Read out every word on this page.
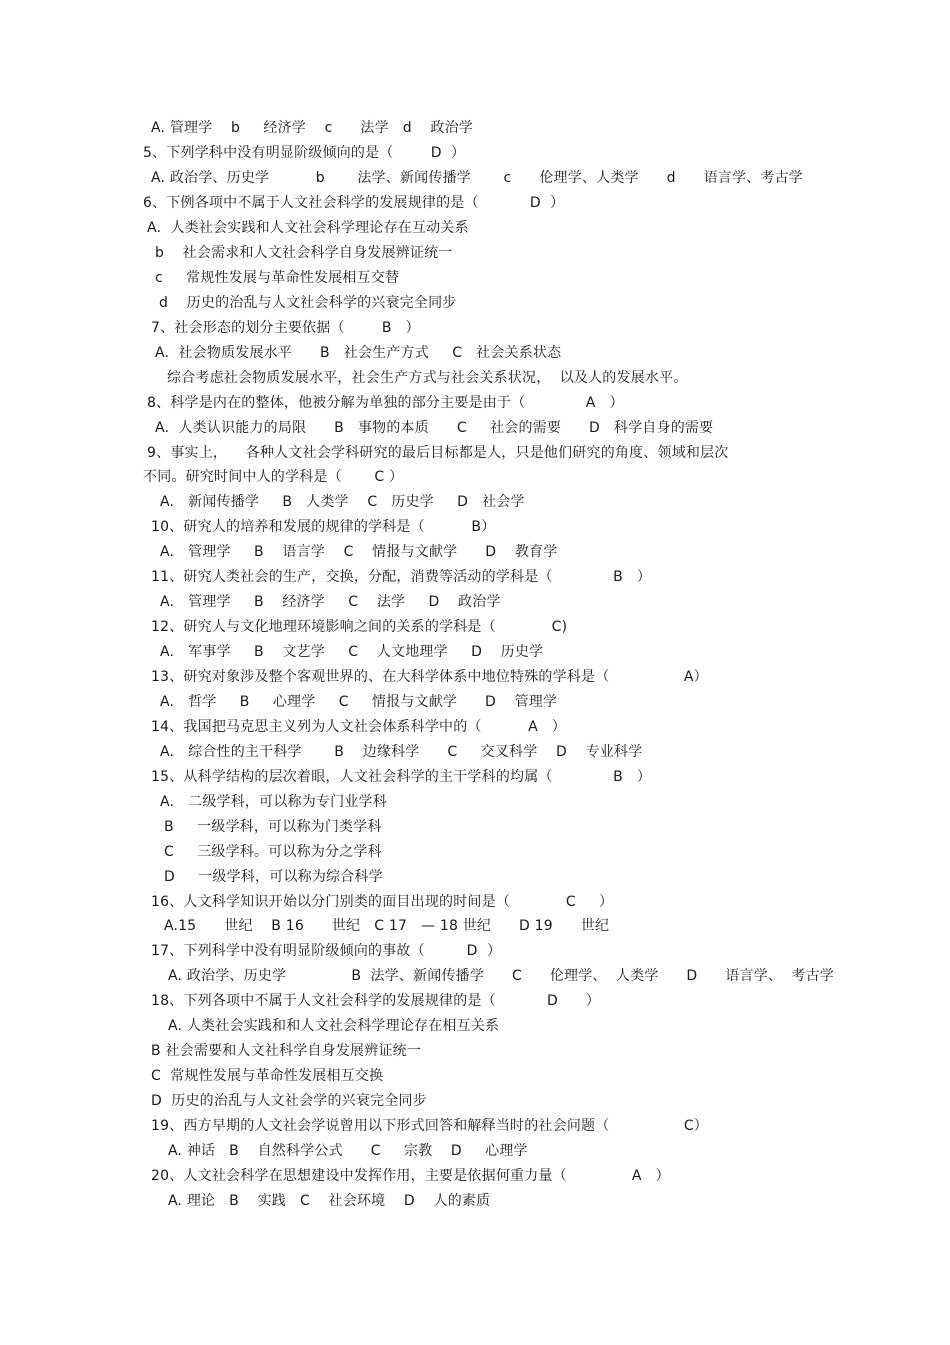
A. 管理学    b     经济学    c      法学   d    政治学
5、下列学科中没有明显阶级倾向的是（        D  ）
A. 政治学、历史学          b       法学、新闻传播学       c      伦理学、人类学      d      语言学、考古学
6、下例各项中不属于人文社会科学的发展规律的是（           D  ）
A.  人类社会实践和人文社会科学理论存在互动关系
b    社会需求和人文社会科学自身发展辨证统一
c     常规性发展与革命性发展相互交替
d    历史的治乱与人文社会科学的兴衰完全同步
7、社会形态的划分主要依据（        B   ）
A.  社会物质发展水平      B   社会生产方式     C   社会关系状态
综合考虑社会物质发展水平，社会生产方式与社会关系状况，  以及人的发展水平。
8、科学是内在的整体，他被分解为单独的部分主要是由于（             A   ）
A.  人类认识能力的局限      B   事物的本质      C     社会的需要      D   科学自身的需要
9、事实上，    各种人文社会学科研究的最后目标都是人，只是他们研究的角度、领域和层次
不同。研究时间中人的学科是（       C ）
A.   新闻传播学     B   人类学    C   历史学     D   社会学
10、研究人的培养和发展的规律的学科是（          B）
A.   管理学     B    语言学    C    情报与文献学      D    教育学
11、研究人类社会的生产，交换，分配，消费等活动的学科是（             B   ）
A.   管理学     B    经济学     C    法学     D    政治学
12、研究人与文化地理环境影响之间的关系的学科是（            C)
A.   军事学     B    文艺学     C    人文地理学     D    历史学
13、研究对象涉及整个客观世界的、在大科学体系中地位特殊的学科是（                A）
A.   哲学     B     心理学     C     情报与文献学      D    管理学
14、我国把马克思主义列为人文社会体系科学中的（          A   ）
A.   综合性的主干科学       B    边缘科学      C     交叉科学    D    专业科学
15、从科学结构的层次着眼，人文社会科学的主干学科的均属（             B   ）
A.   二级学科，可以称为专门业学科
B     一级学科，可以称为门类学科
C     三级学科。可以称为分之学科
D     一级学科，可以称为综合科学
16、人文科学知识开始以分门别类的面目出现的时间是（            C     ）
A.15      世纪    B 16      世纪   C 17   — 18 世纪      D 19      世纪
17、下列科学中没有明显阶级倾向的事故（         D  ）
A. 政治学、历史学              B  法学、新闻传播学      C      伦理学、  人类学      D      语言学、  考古学
18、下列各项中不属于人文社会科学的发展规律的是（           D      ）
A. 人类社会实践和和人文社会科学理论存在相互关系
B 社会需要和人文社科学自身发展辨证统一
C  常规性发展与革命性发展相互交换
D  历史的治乱与人文社会学的兴衰完全同步
19、西方早期的人文社会学说曾用以下形式回答和解释当时的社会问题（                C）
A. 神话   B    自然科学公式      C     宗教    D     心理学
20、人文社会科学在思想建设中发挥作用，主要是依据何重力量（              A   ）
A. 理论   B    实践   C    社会环境    D    人的素质
